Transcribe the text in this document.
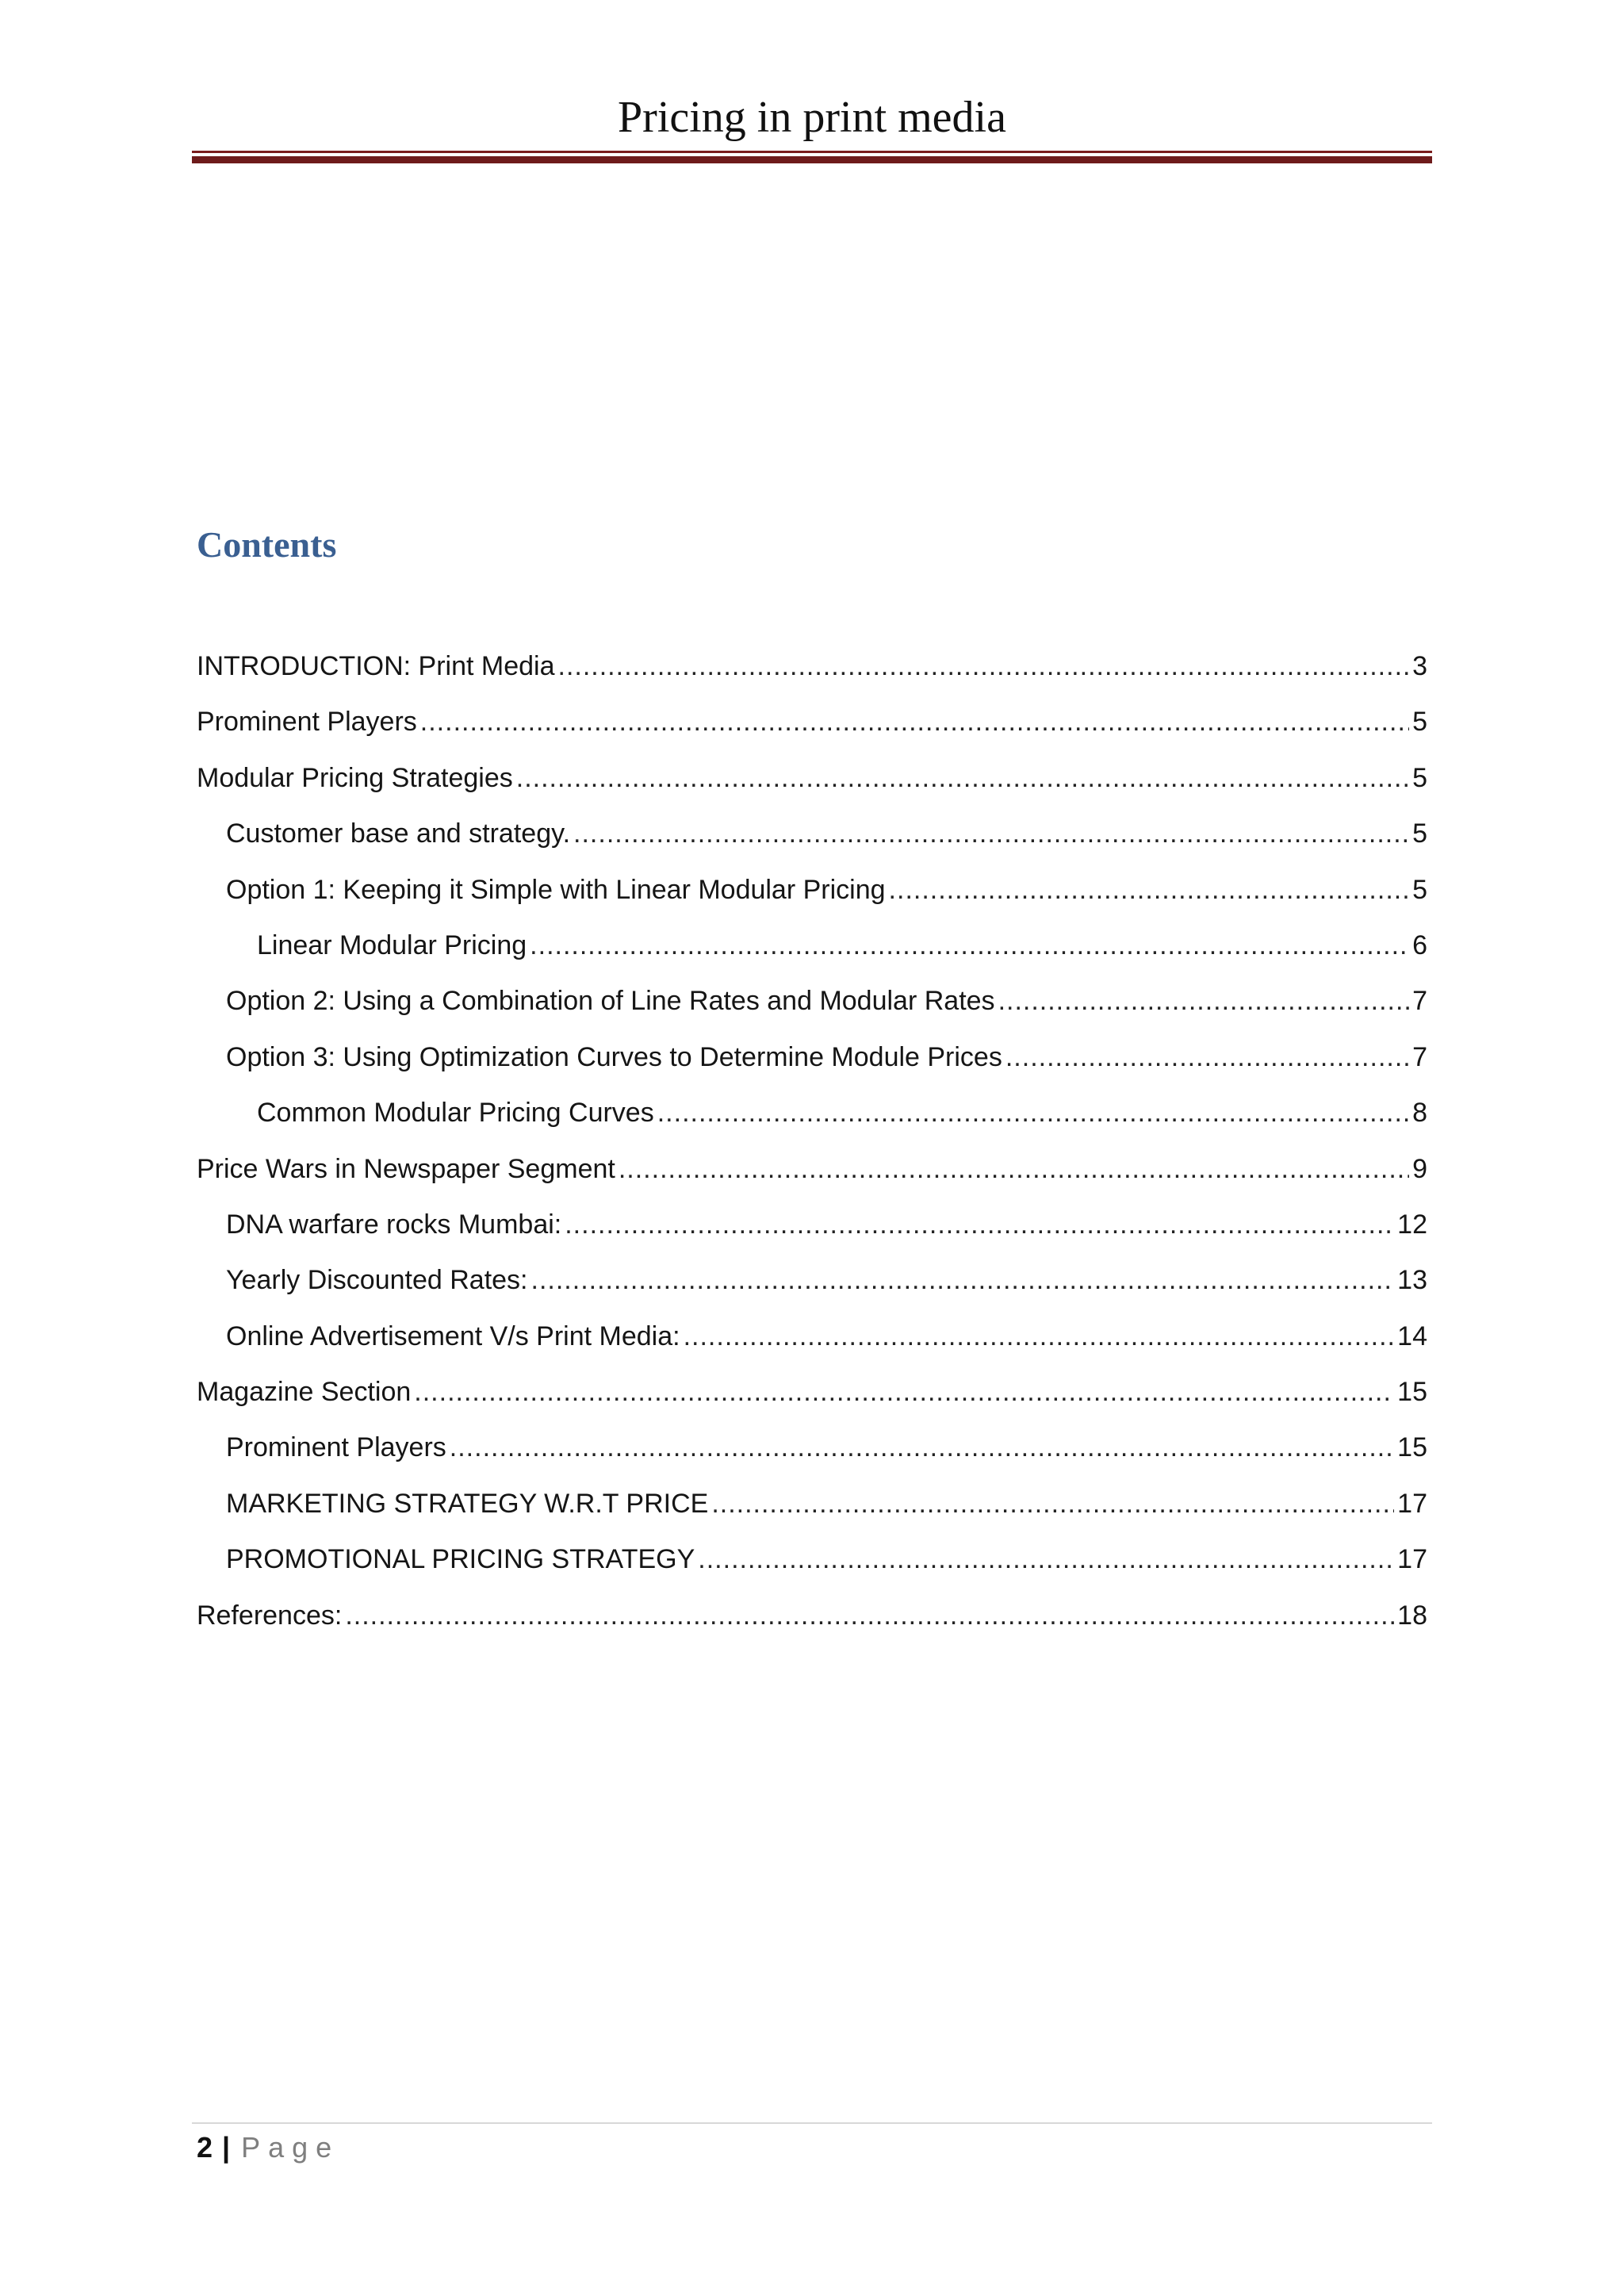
Pricing in print media
Contents
INTRODUCTION: Print Media .....	3
Prominent Players .....	5
Modular Pricing Strategies .....	5
Customer base and strategy. .....	5
Option 1: Keeping it Simple with Linear Modular Pricing .....	5
Linear Modular Pricing .....	6
Option 2: Using a Combination of Line Rates and Modular Rates .....	7
Option 3: Using Optimization Curves to Determine Module Prices .....	7
Common Modular Pricing Curves .....	8
Price Wars in Newspaper Segment .....	9
DNA warfare rocks Mumbai: .....	12
Yearly Discounted Rates: .....	13
Online Advertisement V/s Print Media: .....	14
Magazine Section .....	15
Prominent Players .....	15
MARKETING STRATEGY W.R.T PRICE .....	17
PROMOTIONAL PRICING STRATEGY .....	17
References: .....	18
2 | Page
